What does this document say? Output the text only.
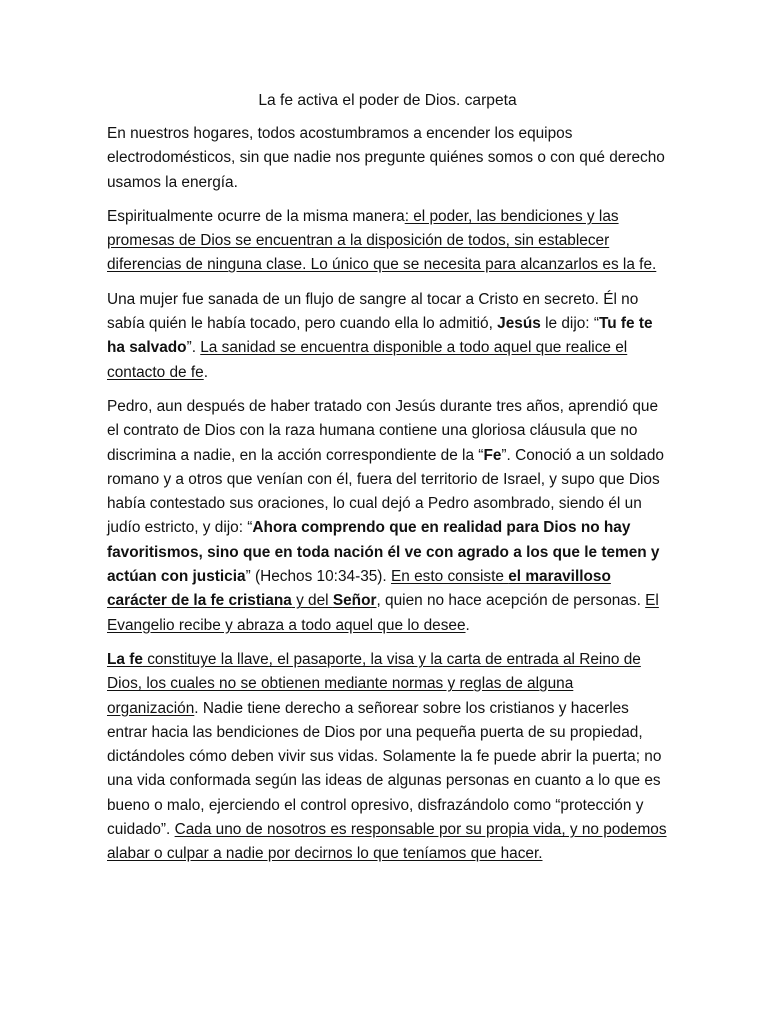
La fe activa el poder de Dios. carpeta

En nuestros hogares, todos acostumbramos a encender los equipos electrodomésticos, sin que nadie nos pregunte quiénes somos o con qué derecho usamos la energía.

Espiritualmente ocurre de la misma manera: el poder, las bendiciones y las promesas de Dios se encuentran a la disposición de todos, sin establecer diferencias de ninguna clase. Lo único que se necesita para alcanzarlos es la fe.

Una mujer fue sanada de un flujo de sangre al tocar a Cristo en secreto. Él no sabía quién le había tocado, pero cuando ella lo admitió, Jesús le dijo: “Tu fe te ha salvado”. La sanidad se encuentra disponible a todo aquel que realice el contacto de fe.

Pedro, aun después de haber tratado con Jesús durante tres años, aprendió que el contrato de Dios con la raza humana contiene una gloriosa cláusula que no discrimina a nadie, en la acción correspondiente de la “Fe”. Conoció a un soldado romano y a otros que venían con él, fuera del territorio de Israel, y supo que Dios había contestado sus oraciones, lo cual dejó a Pedro asombrado, siendo él un judío estricto, y dijo: “Ahora comprendo que en realidad para Dios no hay favoritismos, sino que en toda nación él ve con agrado a los que le temen y actúan con justicia” (Hechos 10:34-35). En esto consiste el maravilloso carácter de la fe cristiana y del Señor, quien no hace acepción de personas. El Evangelio recibe y abraza a todo aquel que lo desee.

La fe constituye la llave, el pasaporte, la visa y la carta de entrada al Reino de Dios, los cuales no se obtienen mediante normas y reglas de alguna organización. Nadie tiene derecho a señorear sobre los cristianos y hacerles entrar hacia las bendiciones de Dios por una pequeña puerta de su propiedad, dictándoles cómo deben vivir sus vidas. Solamente la fe puede abrir la puerta; no una vida conformada según las ideas de algunas personas en cuanto a lo que es bueno o malo, ejerciendo el control opresivo, disfrazándolo como “protección y cuidado”. Cada uno de nosotros es responsable por su propia vida, y no podemos alabar o culpar a nadie por decirnos lo que teníamos que hacer.
